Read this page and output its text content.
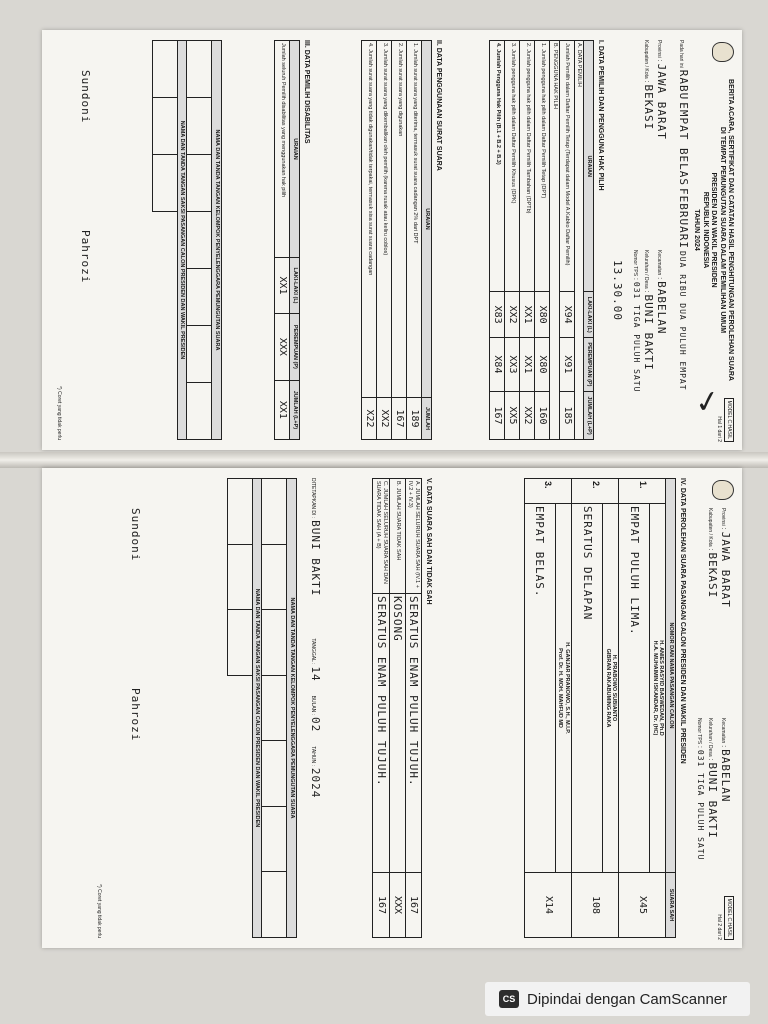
MODEL C.HASIL
Hal 1 dari 2
BERITA ACARA, SERTIFIKAT DAN CATATAN HASIL PENGHITUNGAN PEROLEHAN SUARA
DI TEMPAT PEMUNGUTAN SUARA DALAM PEMILIHAN UMUM
PRESIDEN DAN WAKIL PRESIDEN
REPUBLIK INDONESIA
TAHUN 2024
Pada hari ini RABU EMPAT BELAS FEBRUARI DUA RIBU DUA PULUH EMPAT
Provinsi : JAWA BARAT
Kabupaten / Kota : BEKASI
Kecamatan : BABELAN
Kelurahan / Desa : BUNI BAKTI
Nomor TPS : 031 TIGA PULUH SATU
13.30.00
I. DATA PEMILIH DAN PENGGUNA HAK PILIH
URAIAN	LAKI-LAKI (L)	PEREMPUAN (P)	JUMLAH (L+P)
A. DATA PEMILIH			
Jumlah Pemilih dalam Daftar Pemilih Tetap (Terdapat dalam Model A.Kabko Daftar Pemilih)	X94	X91	185
B. PENGGUNA HAK PILIH			
1. Jumlah pengguna hak pilih dalam Daftar Pemilih Tetap (DPT)	X80	X80	160
2. Jumlah pengguna hak pilih dalam Daftar Pemilih Tambahan (DPTb)	XX1	XX1	XX2
3. Jumlah pengguna hak pilih dalam Daftar Pemilih Khusus (DPK)	XX2	XX3	XX5
4. Jumlah Pengguna Hak Pilih (B.1 + B.2 + B.3)	X83	X84	167
II. DATA PENGGUNAAN SURAT SUARA
URAIAN	JUMLAH
1. Jumlah surat suara yang diterima, termasuk surat suara cadangan 2% dari DPT	189
2. Jumlah surat suara yang digunakan	167
3. Jumlah surat suara yang dikembalikan oleh pemilih (karena rusak atau keliru coblos)	XX2
4. Jumlah surat suara yang tidak digunakan/tidak terpakai, termasuk sisa surat suara cadangan	X22
III. DATA PEMILIH DISABILITAS
URAIAN	LAKI-LAKI (L)	PEREMPUAN (P)	JUMLAH (L+P)
Jumlah seluruh Pemilih disabilitas yang menggunakan hak pilih	XX1	XXX	XX1
NAMA DAN TANDA TANGAN KELOMPOK PENYELENGGARA PEMUNGUTAN SUARA						

NAMA DAN TANDA TANGAN SAKSI PASANGAN CALON PRESIDEN DAN WAKIL PRESIDEN						

Sundoni
Pahrozi
*) Coret yang tidak perlu
MODEL C.HASIL
Hal 2 dari 2
Provinsi : JAWA BARAT
Kabupaten / Kota : BEKASI
Kecamatan : BABELAN
Kelurahan / Desa : BUNI BAKTI
Nomor TPS : 031 TIGA PULUH SATU
IV. DATA PEROLEHAN SUARA PASANGAN CALON PRESIDEN DAN WAKIL PRESIDEN
NOMOR DAN NAMA PASANGAN CALON		SUARA SAH
1.	H. ANIES RASYID BASWEDAN, Ph.D
H.A. MUHAIMIN ISKANDAR, Dr. (HC)	X45
	EMPAT PULUH LIMA.	
2.	H. PRABOWO SUBIANTO
GIBRAN RAKABUMING RAKA	108
	SERATUS DELAPAN	
3.	H. GANJAR PRANOWO, S.H., M.I.P.
Prof. Dr. H. MOH. MAHFUD MD	X14
	EMPAT BELAS.	
V. DATA SUARA SAH DAN TIDAK SAH
A. JUMLAH SELURUH SUARA SAH (IV.1 + IV.2 + IV.3)	SERATUS ENAM PULUH TUJUH.	167
B. JUMLAH SUARA TIDAK SAH	KOSONG	XXX
C. JUMLAH SELURUH SUARA SAH DAN SUARA TIDAK SAH (A + B)	SERATUS ENAM PULUH TUJUH.	167
DITETAPKAN DI : BUNI BAKTI TANGGAL : 14 BULAN : 02 TAHUN : 2024
NAMA DAN TANDA TANGAN KELOMPOK PENYELENGGARA PEMUNGUTAN SUARA						

NAMA DAN TANDA TANGAN SAKSI PASANGAN CALON PRESIDEN DAN WAKIL PRESIDEN						

Sundoni
Pahrozi
*) Coret yang tidak perlu
✓
CS Dipindai dengan CamScanner
